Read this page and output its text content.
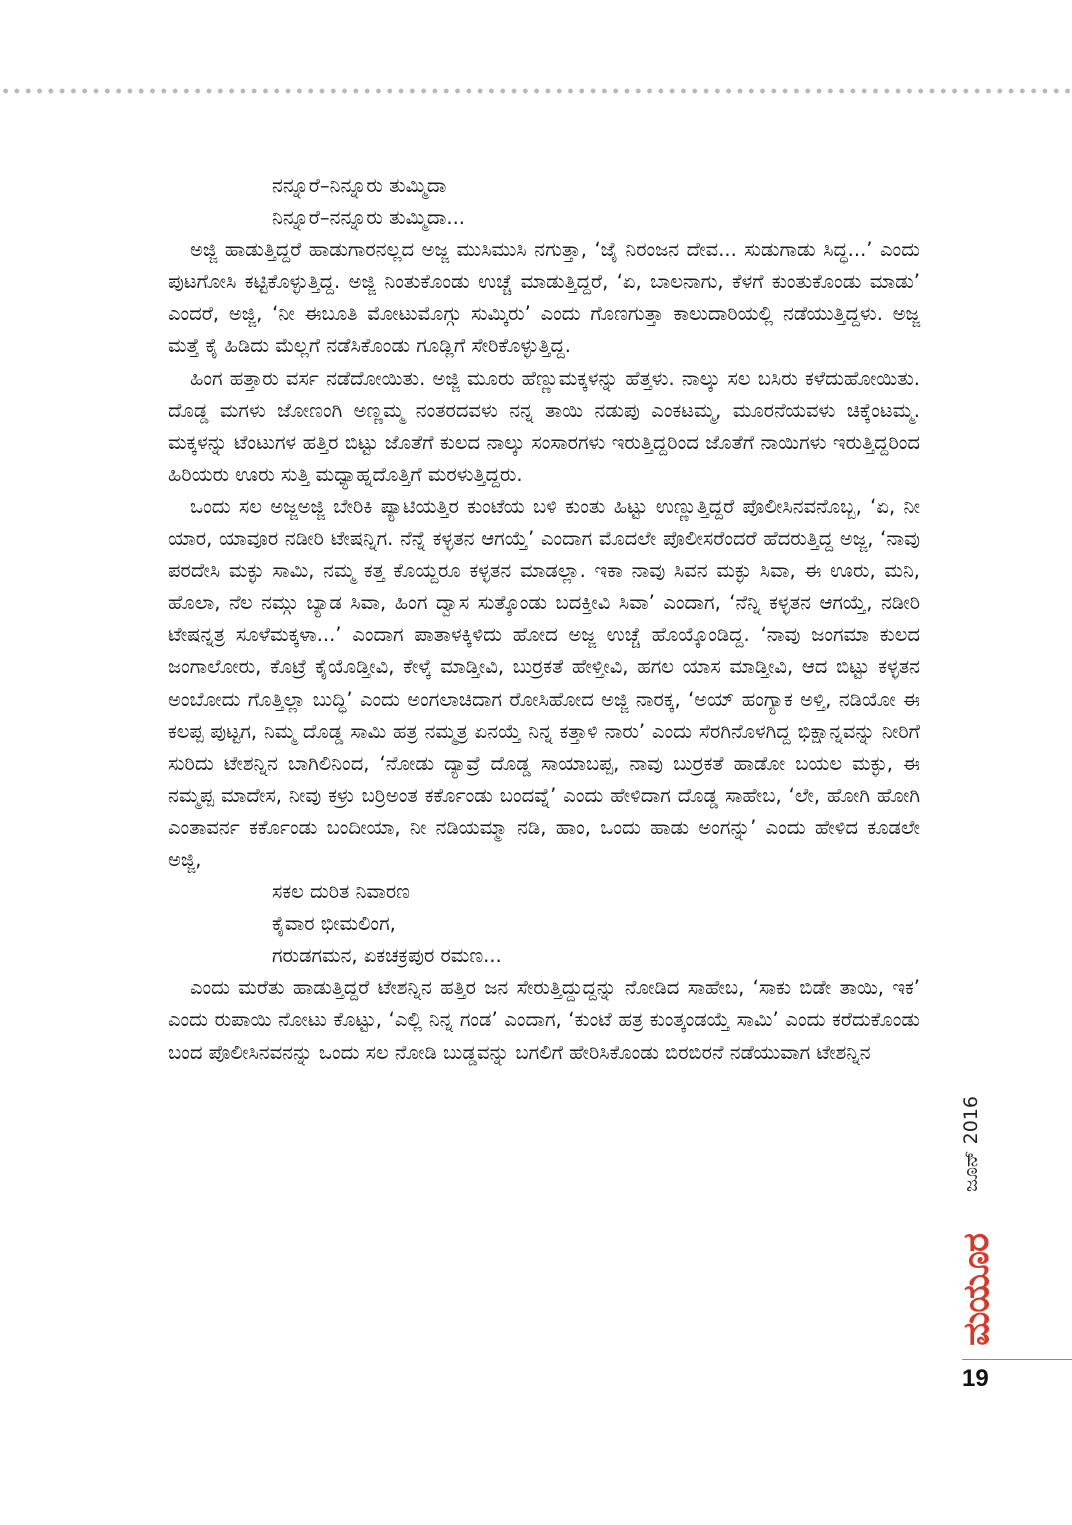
ನನ್ನೂರೆ–ನಿನ್ನೂರು ತುಮ್ಮಿದಾ
ನಿನ್ನೂರೆ–ನನ್ನೂರು ತುಮ್ಮಿದಾ...

ಅಜ್ಜಿ ಹಾಡುತ್ತಿದ್ದರೆ ಹಾಡುಗಾರನಲ್ಲದ ಅಜ್ಜ ಮುಸಿಮುಸಿ ನಗುತ್ತಾ, ‘ಜೈ ನಿರಂಜನ ದೇವ... ಸುಡುಗಾಡು ಸಿದ್ಧ...’ ಎಂದು ಪುಟಗೋಸಿ ಕಟ್ಟಿಕೊಳ್ಳುತ್ತಿದ್ದ. ಅಜ್ಜಿ ನಿಂತುಕೊಂಡು ಉಚ್ಚೆ ಮಾಡುತ್ತಿದ್ದರೆ, ‘ಏ, ಬಾಲನಾಗು, ಕೆಳಗೆ ಕುಂತುಕೊಂಡು ಮಾಡು’ ಎಂದರೆ, ಅಜ್ಜಿ, ‘ನೀ ಈಬೂತಿ ಮೋಟುಮೊಗ್ಗು ಸುಮ್ಕಿರು’ ಎಂದು ಗೊಣಗುತ್ತಾ ಕಾಲುದಾರಿಯಲ್ಲಿ ನಡೆಯುತ್ತಿದ್ದಳು. ಅಜ್ಜ ಮತ್ತೆ ಕೈ ಹಿಡಿದು ಮೆಲ್ಲಗೆ ನಡೆಸಿಕೊಂಡು ಗೂಡ್ಲಿಗೆ ಸೇರಿಕೊಳ್ಳುತ್ತಿದ್ದ.

ಹಿಂಗ ಹತ್ತಾರು ವರ್ಸ ನಡೆದೋಯಿತು. ಅಜ್ಜಿ ಮೂರು ಹೆಣ್ಣುಮಕ್ಕಳನ್ನು ಹೆತ್ತಳು. ನಾಲ್ಕು ಸಲ ಬಸಿರು ಕಳೆದುಹೋಯಿತು. ದೊಡ್ಡ ಮಗಳು ಜೋಣಂಗಿ ಅಣ್ಣಮ್ಮ ನಂತರದವಳು ನನ್ನ ತಾಯಿ ನಡುಪು ಎಂಕಟಮ್ಮ, ಮೂರನೆಯವಳು ಚಿಕ್ಕೆಂಟಮ್ಮ. ಮಕ್ಕಳನ್ನು ಟೆಂಟುಗಳ ಹತ್ತಿರ ಬಿಟ್ಟು ಜೊತೆಗೆ ಕುಲದ ನಾಲ್ಕು ಸಂಸಾರಗಳು ಇರುತ್ತಿದ್ದರಿಂದ ಜೊತೆಗೆ ನಾಯಿಗಳು ಇರುತ್ತಿದ್ದರಿಂದ ಹಿರಿಯರು ಊರು ಸುತ್ತಿ ಮಧ್ಯಾಹ್ನದೊತ್ತಿಗೆ ಮರಳುತ್ತಿದ್ದರು.

ಒಂದು ಸಲ ಅಜ್ಜಅಜ್ಜಿ ಬೇರಿಕಿ ಪ್ಯಾಟಿಯತ್ತಿರ ಕುಂಟೆಯ ಬಳಿ ಕುಂತು ಹಿಟ್ಟು ಉಣ್ಣುತ್ತಿದ್ದರೆ ಪೊಲೀಸಿನವನೊಬ್ಬ, ‘ಏ, ನೀ ಯಾರ, ಯಾವೂರ ನಡೀರಿ ಟೇಷನ್ನಿಗ. ನೆನ್ನೆ ಕಳ್ಳತನ ಆಗಯ್ತೆ’ ಎಂದಾಗ ಮೊದಲೇ ಪೊಲೀಸರೆಂದರೆ ಹೆದರುತ್ತಿದ್ದ ಅಜ್ಜ, ‘ನಾವು ಪರದೇಸಿ ಮಕ್ಳು ಸಾಮಿ, ನಮ್ಮ ಕತ್ತ ಕೊಯ್ದರೂ ಕಳ್ಳತನ ಮಾಡಲ್ಲಾ. ಇಕಾ ನಾವು ಸಿವನ ಮಕ್ಳು ಸಿವಾ, ಈ ಊರು, ಮನಿ, ಹೊಲಾ, ನೆಲ ನಮ್ಗು ಬ್ಯಾಡ ಸಿವಾ, ಹಿಂಗ ದ್ವಾಸ ಸುತ್ಕೊಂಡು ಬದಕ್ತೀವಿ ಸಿವಾ’ ಎಂದಾಗ, ‘ನೆನ್ನಿ ಕಳ್ಳತನ ಆಗಯ್ತೆ, ನಡೀರಿ ಟೇಷನ್ನತ್ರ ಸೂಳೆಮಕ್ಕಳಾ...’ ಎಂದಾಗ ಪಾತಾಳಕ್ಕಿಳಿದು ಹೋದ ಅಜ್ಜ ಉಚ್ಚೆ ಹೊಯ್ಕೊಂಡಿದ್ದ. ‘ನಾವು ಜಂಗಮಾ ಕುಲದ ಜಂಗಾಲೋರು, ಕೊಟ್ರೆ ಕೈಯೊಡ್ತೀವಿ, ಕೇಳ್ಕೆ ಮಾಡ್ತೀವಿ, ಬುರ್‍ರಕತೆ ಹೇಳ್ತೀವಿ, ಹಗಲ ಯಾಸ ಮಾಡ್ತೀವಿ, ಆದ ಬಿಟ್ಟು ಕಳ್ಳತನ ಅಂಬೋದು ಗೊತ್ತಿಲ್ಲಾ ಬುದ್ಧಿ’ ಎಂದು ಅಂಗಲಾಚಿದಾಗ ರೋಸಿಹೋದ ಅಜ್ಜಿ ನಾರಕ್ಕ, ‘ಅಯ್ ಹಂಗ್ಯಾಕ ಅಳ್ತಿ, ನಡಿಯೋ ಈ ಕಲಪ್ಪ ಪುಟ್ಟಗ, ನಿಮ್ಮ ದೊಡ್ಡ ಸಾಮಿ ಹತ್ರ ನಮ್ಮತ್ರ ಏನಯ್ತೆ ನಿನ್ನ ಕತ್ತಾಳಿ ನಾರು’ ಎಂದು ಸೆರಗಿನೊಳಗಿದ್ದ ಭಿಕ್ಷಾನ್ನವನ್ನು ನೀರಿಗೆ ಸುರಿದು ಟೇಶನ್ನಿನ ಬಾಗಿಲಿನಿಂದ, ‘ನೋಡು ದ್ಯಾವ್ರೆ ದೊಡ್ಡ ಸಾಯಾಬಪ್ಪ, ನಾವು ಬುರ್‍ರಕತೆ ಹಾಡೋ ಬಯಲ ಮಕ್ಳು, ಈ ನಮ್ಮಪ್ಪ ಮಾದೇಸ, ನೀವು ಕಳ್ರು ಬರ್‍ರಿಅಂತ ಕರ್ಕೊಂಡು ಬಂದವ್ನೆ’ ಎಂದು ಹೇಳಿದಾಗ ದೊಡ್ಡ ಸಾಹೇಬ, ‘ಲೇ, ಹೋಗಿ ಹೋಗಿ ಎಂತಾವರ್ನ ಕರ್ಕೊಂಡು ಬಂದೀಯಾ, ನೀ ನಡಿಯಮ್ಮಾ ನಡಿ, ಹಾಂ, ಒಂದು ಹಾಡು ಅಂಗನ್ನು’ ಎಂದು ಹೇಳಿದ ಕೂಡಲೇ ಅಜ್ಜಿ,

ಸಕಲ ದುರಿತ ನಿವಾರಣ
ಕೈವಾರ ಭೀಮಲಿಂಗ,
ಗರುಡಗಮನ, ಏಕಚಕ್ರಪುರ ರಮಣ...

ಎಂದು ಮರೆತು ಹಾಡುತ್ತಿದ್ದರೆ ಟೇಶನ್ನಿನ ಹತ್ತಿರ ಜನ ಸೇರುತ್ತಿದ್ದುದ್ದನ್ನು ನೋಡಿದ ಸಾಹೇಬ, ‘ಸಾಕು ಬಿಡೇ ತಾಯಿ, ಇಕ’ ಎಂದು ರುಪಾಯಿ ನೋಟು ಕೊಟ್ಟು, ‘ಎಲ್ಲಿ ನಿನ್ನ ಗಂಡ’ ಎಂದಾಗ, ‘ಕುಂಟೆ ಹತ್ರ ಕುಂತ್ಕಂಡಯ್ತೆ ಸಾಮಿ’ ಎಂದು ಕರೆದುಕೊಂಡು ಬಂದ ಪೊಲೀಸಿನವನನ್ನು ಒಂದು ಸಲ ನೋಡಿ ಬುಡ್ಡವನ್ನು ಬಗಲಿಗೆ ಹೇರಿಸಿಕೊಂಡು ಬಿರಬಿರನೆ ನಡೆಯುವಾಗ ಟೇಶನ್ನಿನ

ಜೂನ್ 2016
ಮಯೂರ
19
